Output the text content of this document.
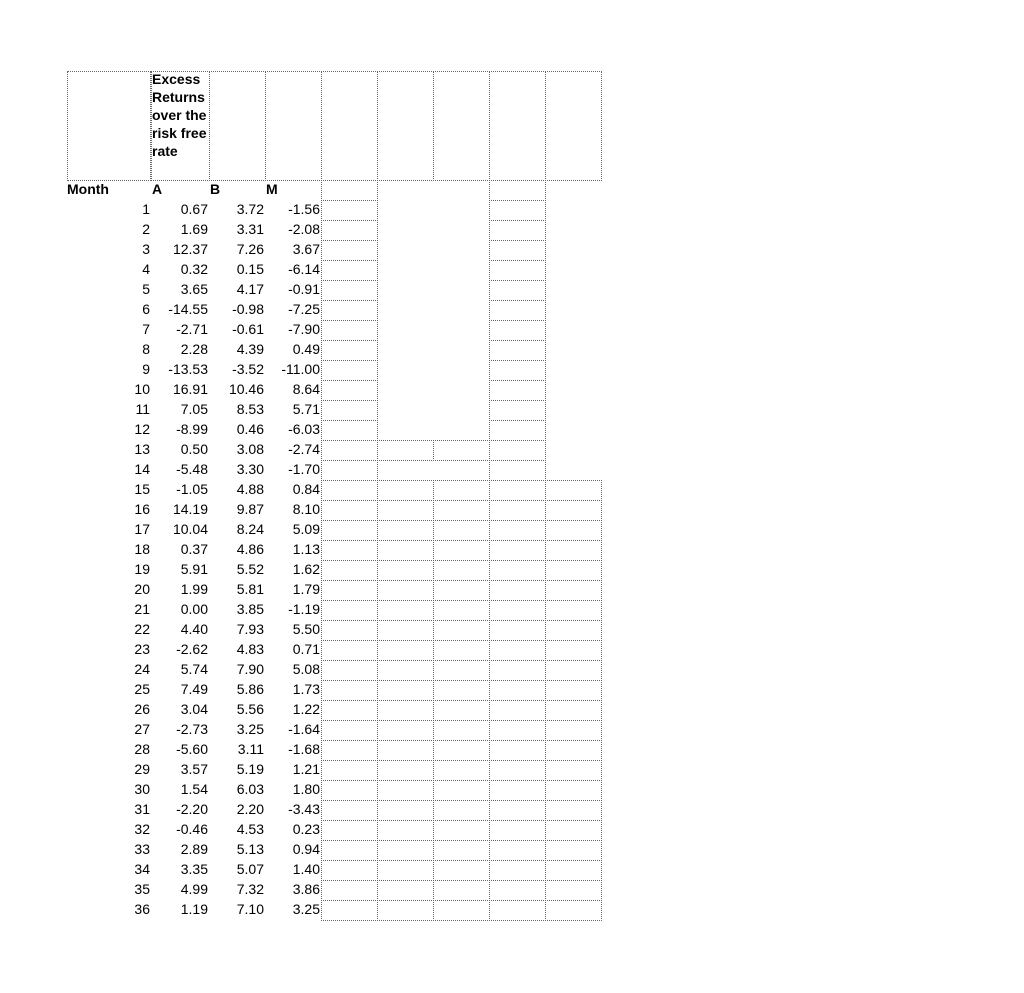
Excess Returns over the risk free rate
Month	A	B	M
1	0.67	3.72	-1.56
2	1.69	3.31	-2.08
3	12.37	7.26	3.67
4	0.32	0.15	-6.14
5	3.65	4.17	-0.91
6	-14.55	-0.98	-7.25
7	-2.71	-0.61	-7.90
8	2.28	4.39	0.49
9	-13.53	-3.52	-11.00
10	16.91	10.46	8.64
11	7.05	8.53	5.71
12	-8.99	0.46	-6.03
13	0.50	3.08	-2.74
14	-5.48	3.30	-1.70
15	-1.05	4.88	0.84
16	14.19	9.87	8.10
17	10.04	8.24	5.09
18	0.37	4.86	1.13
19	5.91	5.52	1.62
20	1.99	5.81	1.79
21	0.00	3.85	-1.19
22	4.40	7.93	5.50
23	-2.62	4.83	0.71
24	5.74	7.90	5.08
25	7.49	5.86	1.73
26	3.04	5.56	1.22
27	-2.73	3.25	-1.64
28	-5.60	3.11	-1.68
29	3.57	5.19	1.21
30	1.54	6.03	1.80
31	-2.20	2.20	-3.43
32	-0.46	4.53	0.23
33	2.89	5.13	0.94
34	3.35	5.07	1.40
35	4.99	7.32	3.86
36	1.19	7.10	3.25
